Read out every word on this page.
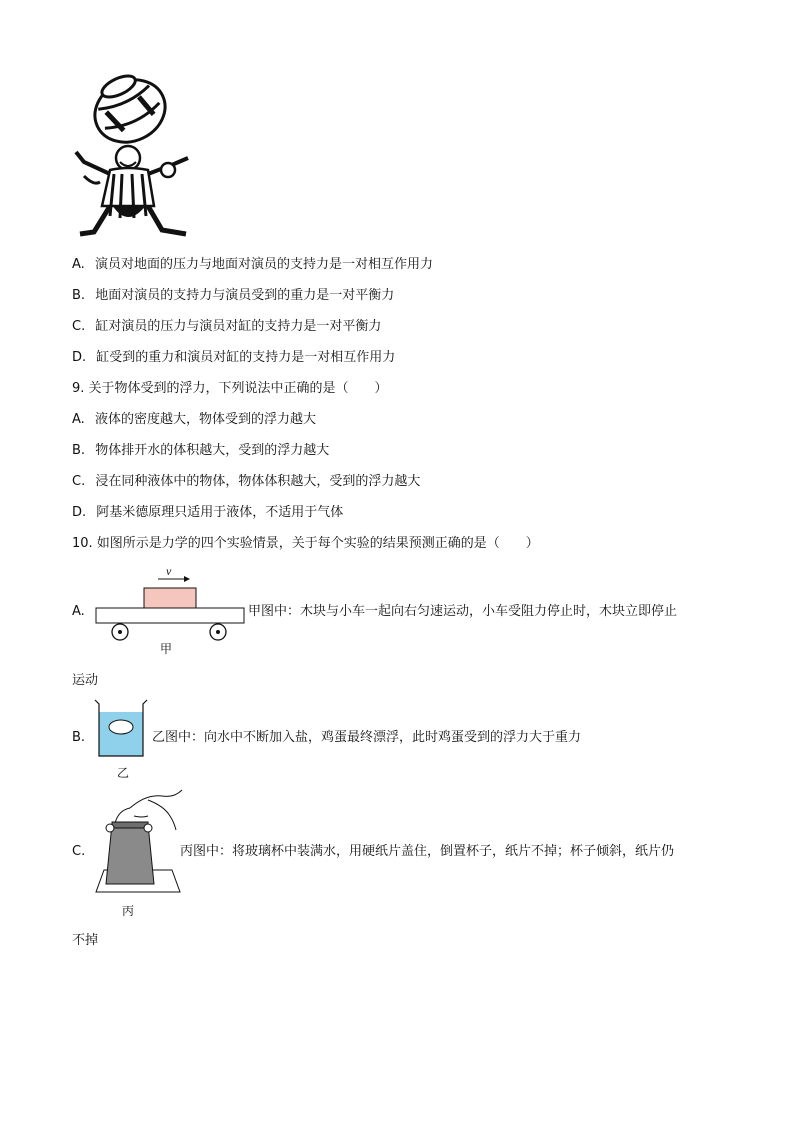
A. 演员对地面的压力与地面对演员的支持力是一对相互作用力
B. 地面对演员的支持力与演员受到的重力是一对平衡力
C. 缸对演员的压力与演员对缸的支持力是一对平衡力
D. 缸受到的重力和演员对缸的支持力是一对相互作用力
9. 关于物体受到的浮力，下列说法中正确的是（　　）
A. 液体的密度越大，物体受到的浮力越大
B. 物体排开水的体积越大，受到的浮力越大
C. 浸在同种液体中的物体，物体体积越大，受到的浮力越大
D. 阿基米德原理只适用于液体，不适用于气体
10. 如图所示是力学的四个实验情景，关于每个实验的结果预测正确的是（　　）
A.
v
甲
甲图中：木块与小车一起向右匀速运动，小车受阻力停止时，木块立即停止
运动
B.
乙
乙图中：向水中不断加入盐，鸡蛋最终漂浮，此时鸡蛋受到的浮力大于重力
C.
丙
丙图中：将玻璃杯中装满水，用硬纸片盖住，倒置杯子，纸片不掉；杯子倾斜，纸片仍
不掉
